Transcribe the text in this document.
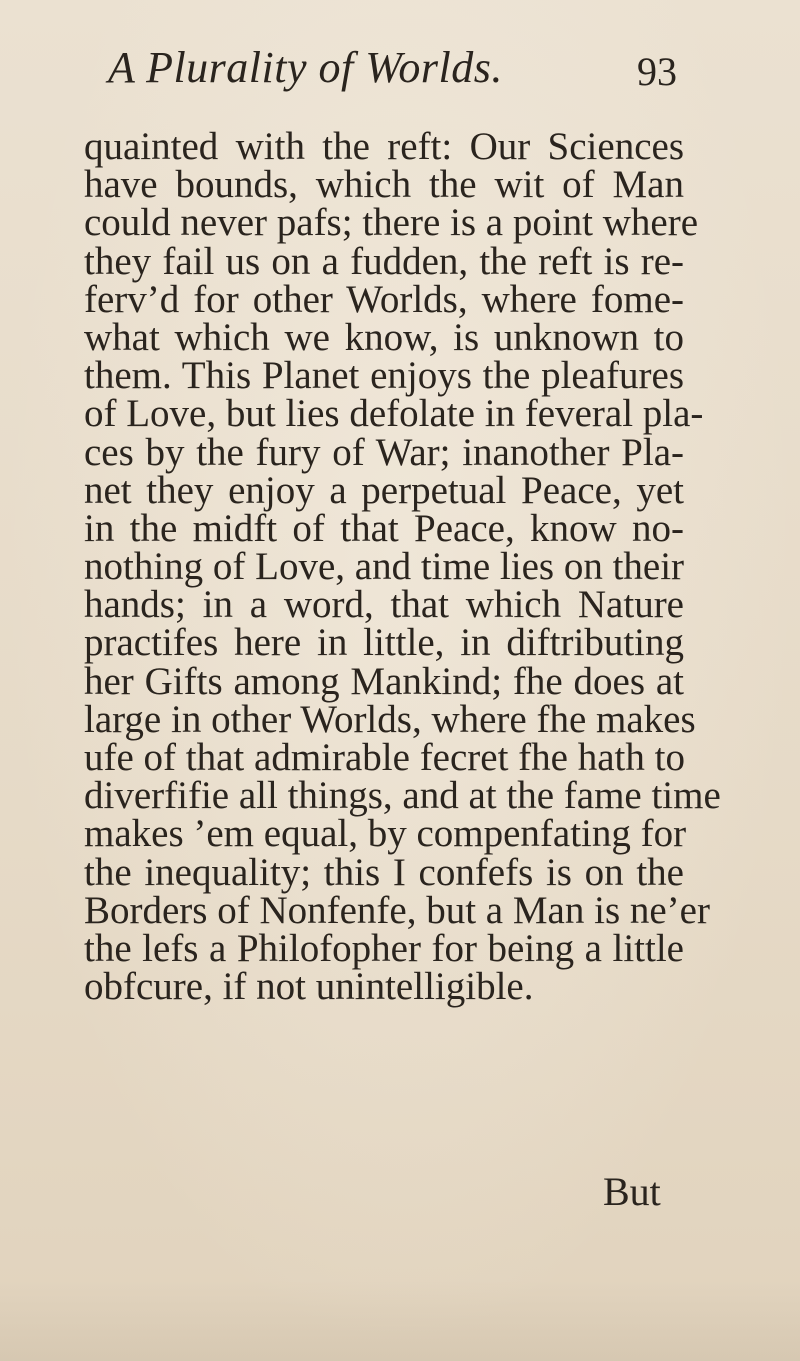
A Plurality of Worlds.	93
quainted with the reft: Our Sciences
have bounds, which the wit of Man
could never pafs; there is a point where
they fail us on a fudden, the reft is re-
ferv’d for other Worlds, where fome-
what which we know, is unknown to
them. This Planet enjoys the pleafures
of Love, but lies defolate in feveral pla-
ces by the fury of War; inanother Pla-
net they enjoy a perpetual Peace, yet
in the midft of that Peace, know no-
nothing of Love, and time lies on their
hands; in a word, that which Nature
practifes here in little, in diftributing
her Gifts among Mankind; fhe does at
large in other Worlds, where fhe makes
ufe of that admirable fecret fhe hath to
diverfifie all things, and at the fame time
makes ’em equal, by compenfating for
the inequality; this I confefs is on the
Borders of Nonfenfe, but a Man is ne’er
the lefs a Philofopher for being a little
obfcure, if not unintelligible.
But
